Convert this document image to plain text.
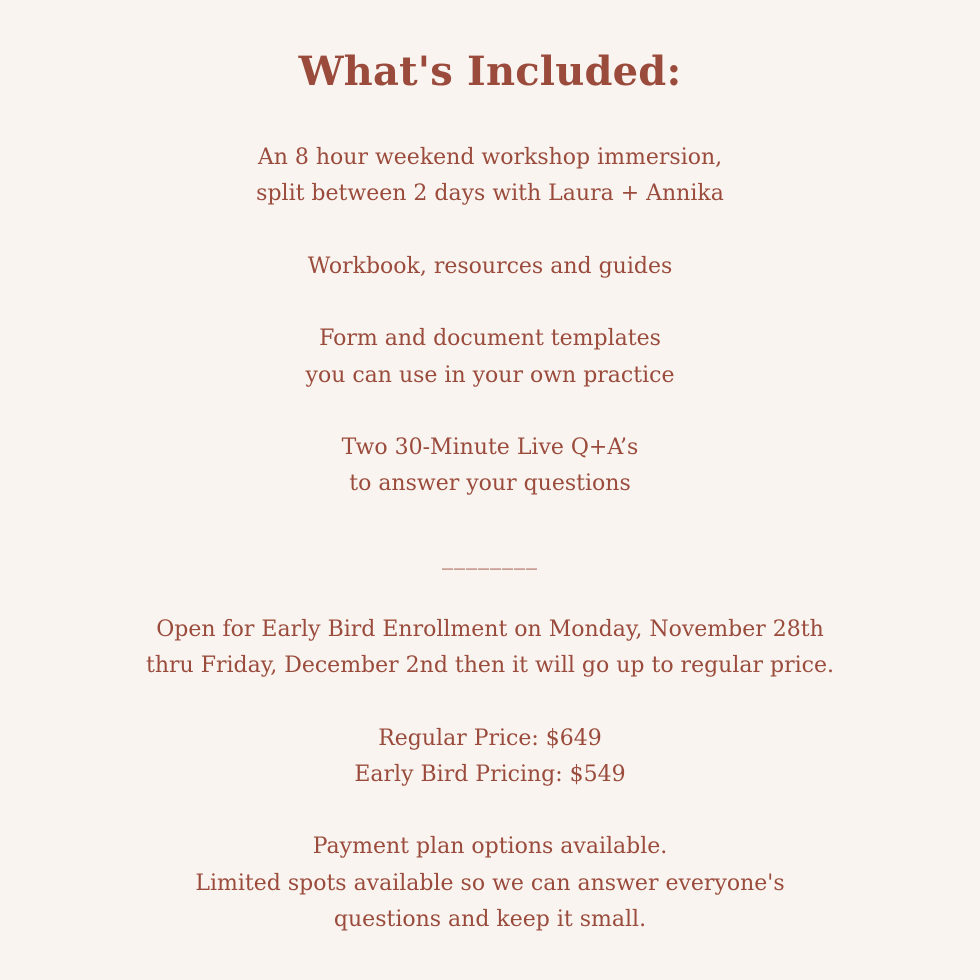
What's Included:

An 8 hour weekend workshop immersion,

split between 2 days with Laura + Annika

Workbook, resources and guides

Form and document templates

you can use in your own practice

Two 30-Minute Live Q+A’s

to answer your questions

________

Open for Early Bird Enrollment on Monday, November 28th

thru Friday, December 2nd then it will go up to regular price.

Regular Price: $649

Early Bird Pricing: $549

Payment plan options available.

Limited spots available so we can answer everyone's

questions and keep it small.
